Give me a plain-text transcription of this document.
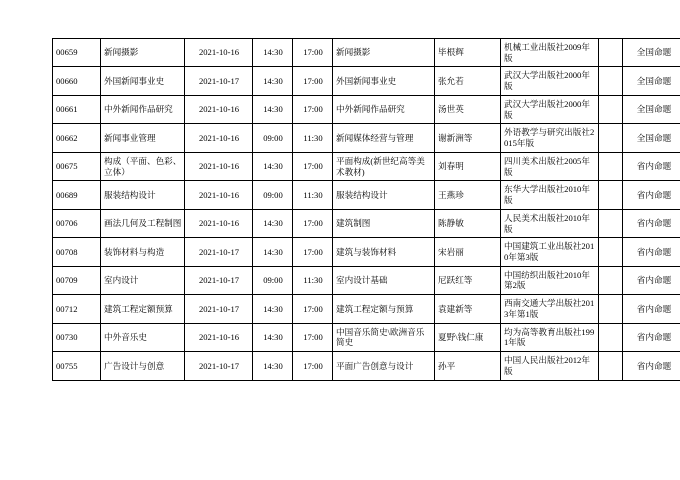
00659	新闻摄影	2021-10-16	14:30	17:00	新闻摄影	毕根辉	机械工业出版社2009年版		全国命题
00660	外国新闻事业史	2021-10-17	14:30	17:00	外国新闻事业史	张允若	武汉大学出版社2000年版		全国命题
00661	中外新闻作品研究	2021-10-16	14:30	17:00	中外新闻作品研究	汤世英	武汉大学出版社2000年版		全国命题
00662	新闻事业管理	2021-10-16	09:00	11:30	新闻媒体经营与管理	谢新洲等	外语教学与研究出版社2015年版		全国命题
00675	构成（平面、色彩、立体）	2021-10-16	14:30	17:00	平面构成(新世纪高等美术教材)	刘春明	四川美术出版社2005年版		省内命题
00689	服装结构设计	2021-10-16	09:00	11:30	服装结构设计	王燕珍	东华大学出版社2010年版		省内命题
00706	画法几何及工程制图	2021-10-16	14:30	17:00	建筑制图	陈静敏	人民美术出版社2010年版		省内命题
00708	装饰材料与构造	2021-10-17	14:30	17:00	建筑与装饰材料	宋岩丽	中国建筑工业出版社2010年第3版		省内命题
00709	室内设计	2021-10-17	09:00	11:30	室内设计基础	尼跃红等	中国纺织出版社2010年第2版		省内命题
00712	建筑工程定额预算	2021-10-17	14:30	17:00	建筑工程定额与预算	袁建新等	西南交通大学出版社2013年第1版		省内命题
00730	中外音乐史	2021-10-16	14:30	17:00	中国音乐简史\欧洲音乐简史	夏野\钱仁康	均为高等教育出版社1991年版		省内命题
00755	广告设计与创意	2021-10-17	14:30	17:00	平面广告创意与设计	孙平	中国人民出版社2012年版		省内命题
